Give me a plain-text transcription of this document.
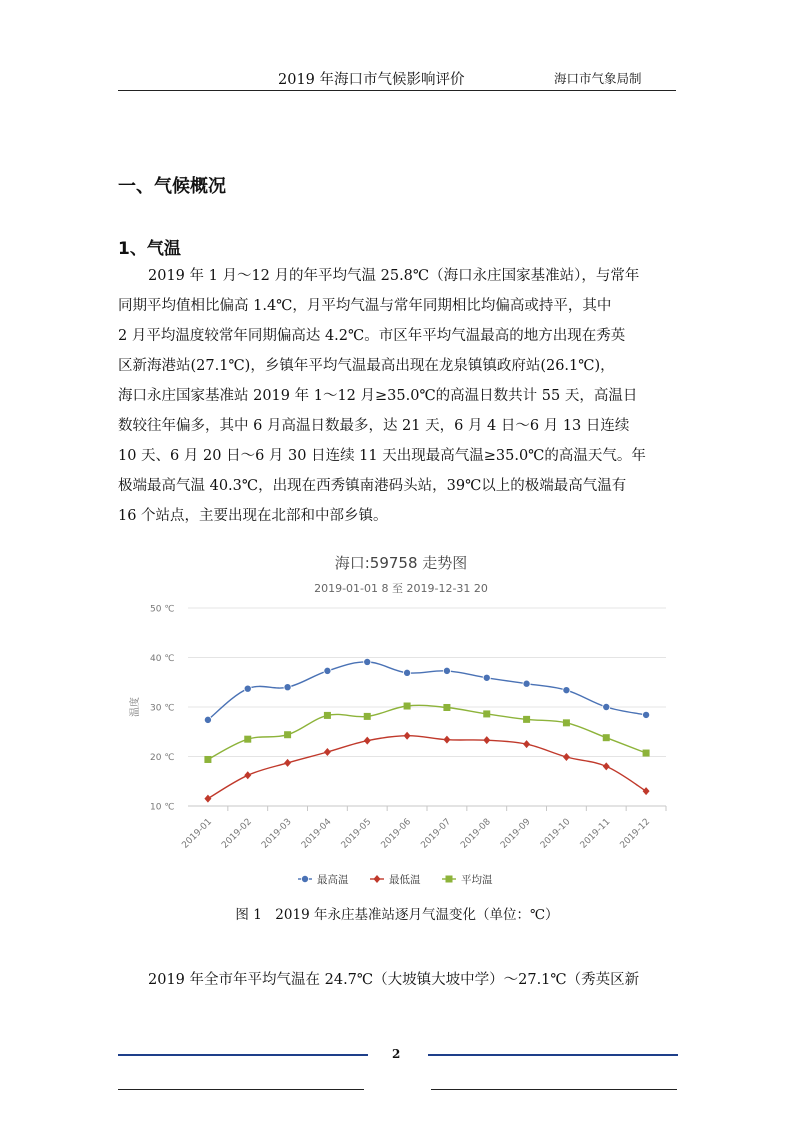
2019 年海口市气候影响评价	海口市气象局制
一、气候概况
1、气温
2019 年 1 月～12 月的年平均气温 25.8℃（海口永庄国家基准站），与常年
同期平均值相比偏高 1.4℃，月平均气温与常年同期相比均偏高或持平，其中
2 月平均温度较常年同期偏高达 4.2℃。市区年平均气温最高的地方出现在秀英
区新海港站(27.1℃)，乡镇年平均气温最高出现在龙泉镇镇政府站(26.1℃)，
海口永庄国家基准站 2019 年 1～12 月≥35.0℃的高温日数共计 55 天，高温日
数较往年偏多，其中 6 月高温日数最多，达 21 天，6 月 4 日～6 月 13 日连续
10 天、6 月 20 日～6 月 30 日连续 11 天出现最高气温≥35.0℃的高温天气。年
极端最高气温 40.3℃，出现在西秀镇南港码头站，39℃以上的极端最高气温有
16 个站点，主要出现在北部和中部乡镇。
海口:59758 走势图
2019-01-01 8 至 2019-12-31 20
10 ℃
20 ℃
30 ℃
40 ℃
50 ℃
温度
2019-01 2019-02 2019-03 2019-04 2019-05 2019-06 2019-07 2019-08 2019-09 2019-10 2019-11 2019-12
最高温	最低温	平均温
图 1　2019 年永庄基准站逐月气温变化（单位：℃）
2019 年全市年平均气温在 24.7℃（大坡镇大坡中学）～27.1℃（秀英区新
2
